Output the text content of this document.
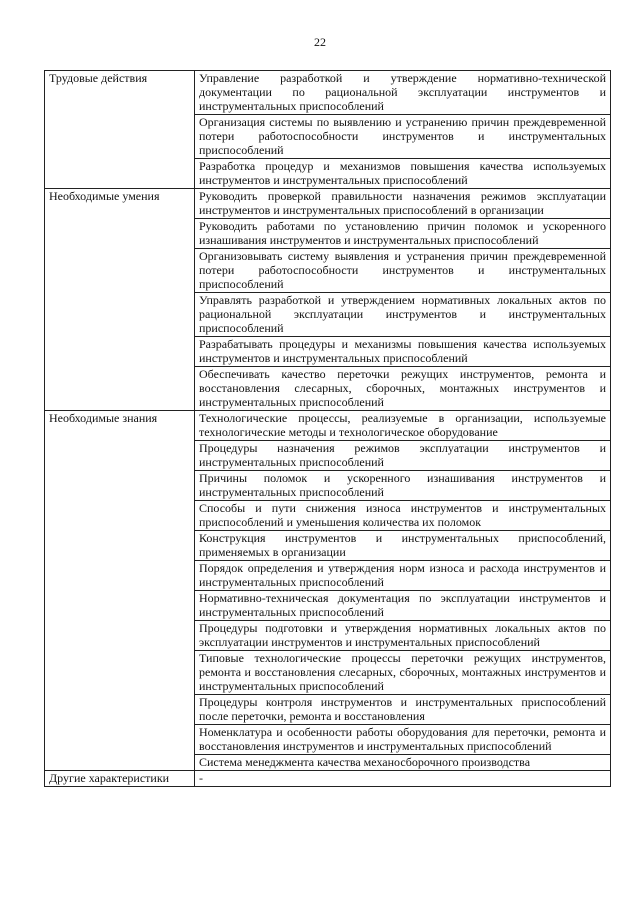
22
Трудовые действия	Управление разработкой и утверждение нормативно-технической документации по рациональной эксплуатации инструментов и инструментальных приспособлений
	Организация системы по выявлению и устранению причин преждевременной потери работоспособности инструментов и инструментальных приспособлений
	Разработка процедур и механизмов повышения качества используемых инструментов и инструментальных приспособлений
Необходимые умения	Руководить проверкой правильности назначения режимов эксплуатации инструментов и инструментальных приспособлений в организации
	Руководить работами по установлению причин поломок и ускоренного изнашивания инструментов и инструментальных приспособлений
	Организовывать систему выявления и устранения причин преждевременной потери работоспособности инструментов и инструментальных приспособлений
	Управлять разработкой и утверждением нормативных локальных актов по рациональной эксплуатации инструментов и инструментальных приспособлений
	Разрабатывать процедуры и механизмы повышения качества используемых инструментов и инструментальных приспособлений
	Обеспечивать качество переточки режущих инструментов, ремонта и восстановления слесарных, сборочных, монтажных инструментов и инструментальных приспособлений
Необходимые знания	Технологические процессы, реализуемые в организации, используемые технологические методы и технологическое оборудование
	Процедуры назначения режимов эксплуатации инструментов и инструментальных приспособлений
	Причины поломок и ускоренного изнашивания инструментов и инструментальных приспособлений
	Способы и пути снижения износа инструментов и инструментальных приспособлений и уменьшения количества их поломок
	Конструкция инструментов и инструментальных приспособлений, применяемых в организации
	Порядок определения и утверждения норм износа и расхода инструментов и инструментальных приспособлений
	Нормативно-техническая документация по эксплуатации инструментов и инструментальных приспособлений
	Процедуры подготовки и утверждения нормативных локальных актов по эксплуатации инструментов и инструментальных приспособлений
	Типовые технологические процессы переточки режущих инструментов, ремонта и восстановления слесарных, сборочных, монтажных инструментов и инструментальных приспособлений
	Процедуры контроля инструментов и инструментальных приспособлений после переточки, ремонта и восстановления
	Номенклатура и особенности работы оборудования для переточки, ремонта и восстановления инструментов и инструментальных приспособлений
	Система менеджмента качества механосборочного производства
Другие характеристики	-
